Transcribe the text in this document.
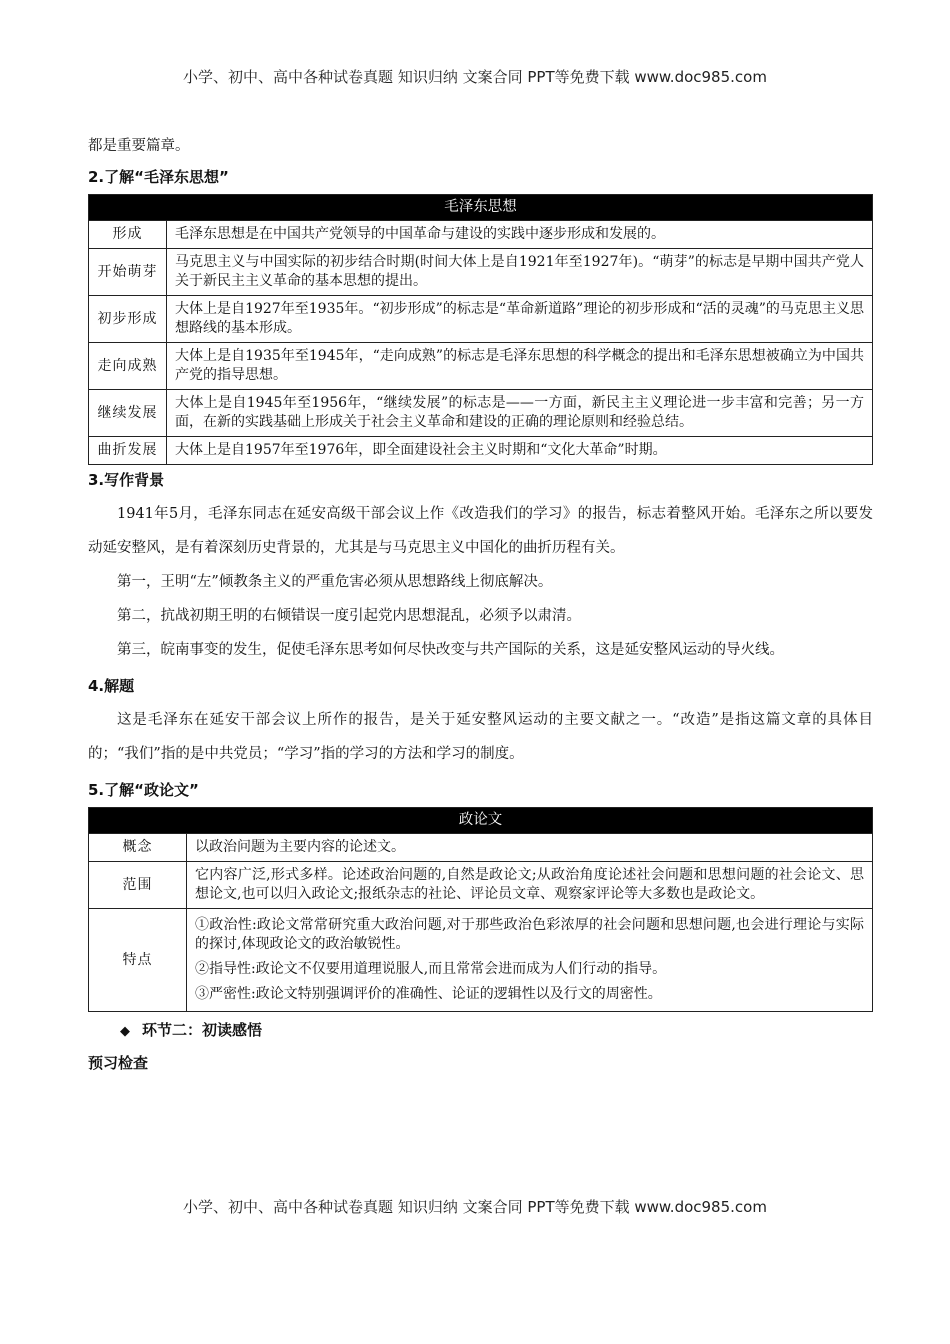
小学、初中、高中各种试卷真题 知识归纳 文案合同 PPT等免费下载 www.doc985.com
都是重要篇章。
2.了解“毛泽东思想”
毛泽东思想	
形成	毛泽东思想是在中国共产党领导的中国革命与建设的实践中逐步形成和发展的。
开始萌芽	马克思主义与中国实际的初步结合时期(时间大体上是自1921年至1927年)。“萌芽”的标志是早期中国共产党人关于新民主主义革命的基本思想的提出。
初步形成	大体上是自1927年至1935年。“初步形成”的标志是“革命新道路”理论的初步形成和“活的灵魂”的马克思主义思想路线的基本形成。
走向成熟	大体上是自1935年至1945年，“走向成熟”的标志是毛泽东思想的科学概念的提出和毛泽东思想被确立为中国共产党的指导思想。
继续发展	大体上是自1945年至1956年，“继续发展”的标志是——一方面，新民主主义理论进一步丰富和完善；另一方面，在新的实践基础上形成关于社会主义革命和建设的正确的理论原则和经验总结。
曲折发展	大体上是自1957年至1976年，即全面建设社会主义时期和“文化大革命”时期。
3.写作背景
1941年5月，毛泽东同志在延安高级干部会议上作《改造我们的学习》的报告，标志着整风开始。毛泽东之所以要发动延安整风，是有着深刻历史背景的，尤其是与马克思主义中国化的曲折历程有关。
第一，王明“左”倾教条主义的严重危害必须从思想路线上彻底解决。
第二，抗战初期王明的右倾错误一度引起党内思想混乱，必须予以肃清。
第三，皖南事变的发生，促使毛泽东思考如何尽快改变与共产国际的关系，这是延安整风运动的导火线。
4.解题
这是毛泽东在延安干部会议上所作的报告，是关于延安整风运动的主要文献之一。“改造”是指这篇文章的具体目的；“我们”指的是中共党员；“学习”指的学习的方法和学习的制度。
5.了解“政论文”
政论文	
概念	以政治问题为主要内容的论述文。
范围	它内容广泛,形式多样。论述政治问题的,自然是政论文;从政治角度论述社会问题和思想问题的社会论文、思想论文,也可以归入政论文;报纸杂志的社论、评论员文章、观察家评论等大多数也是政论文。
特点	①政治性:政论文常常研究重大政治问题,对于那些政治色彩浓厚的社会问题和思想问题,也会进行理论与实际的探讨,体现政论文的政治敏锐性。
②指导性:政论文不仅要用道理说服人,而且常常会进而成为人们行动的指导。
③严密性:政论文特别强调评价的准确性、论证的逻辑性以及行文的周密性。
◆ 环节二：初读感悟
预习检查
小学、初中、高中各种试卷真题 知识归纳 文案合同 PPT等免费下载 www.doc985.com
